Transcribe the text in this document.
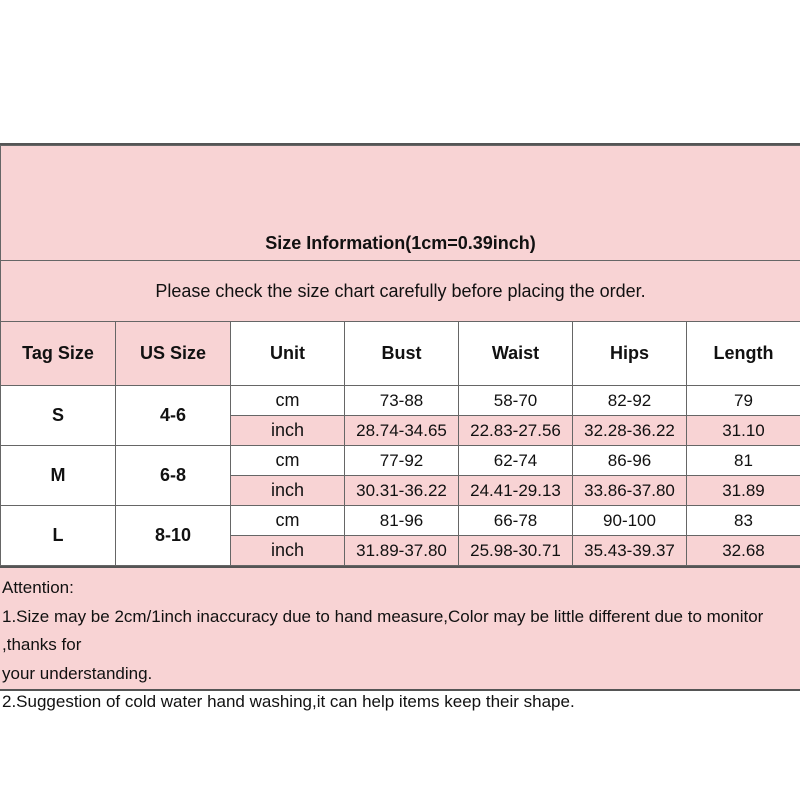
Size Information(1cm=0.39inch)						
Please check the size chart carefully before placing the order.						
Tag Size	US Size	Unit	Bust	Waist	Hips	Length
S	4-6	cm	73-88	58-70	82-92	79
		inch	28.74-34.65	22.83-27.56	32.28-36.22	31.10
M	6-8	cm	77-92	62-74	86-96	81
		inch	30.31-36.22	24.41-29.13	33.86-37.80	31.89
L	8-10	cm	81-96	66-78	90-100	83
		inch	31.89-37.80	25.98-30.71	35.43-39.37	32.68
Attention:
1.Size may be 2cm/1inch inaccuracy due to hand measure,Color may be little different due to monitor ,thanks for
your understanding.
2.Suggestion of cold water hand washing,it can help items keep their shape.
